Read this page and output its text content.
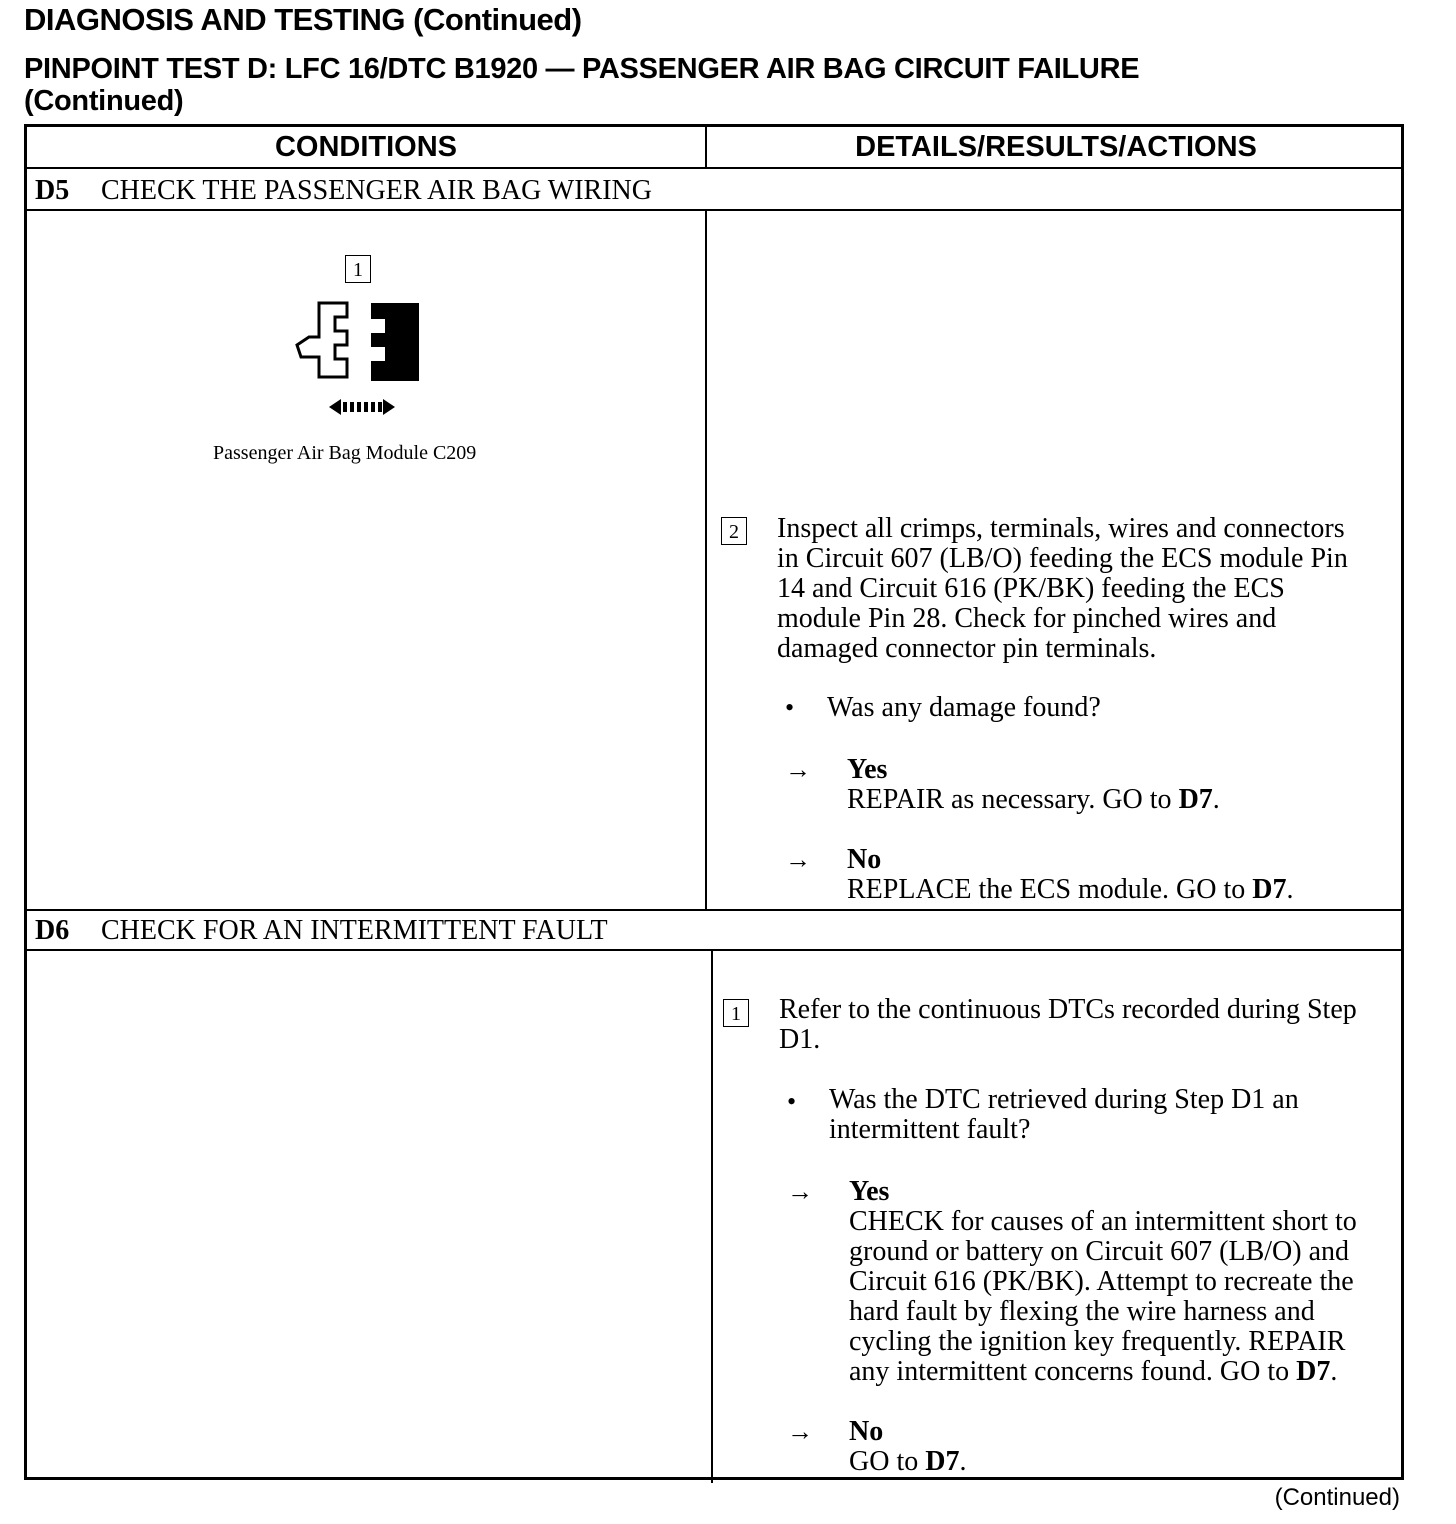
DIAGNOSIS AND TESTING (Continued)
PINPOINT TEST D: LFC 16/DTC B1920 — PASSENGER AIR BAG CIRCUIT FAILURE
(Continued)
CONDITIONS	DETAILS/RESULTS/ACTIONS
D5 CHECK THE PASSENGER AIR BAG WIRING
1
Passenger Air Bag Module C209
2 Inspect all crimps, terminals, wires and connectors
in Circuit 607 (LB/O) feeding the ECS module Pin
14 and Circuit 616 (PK/BK) feeding the ECS
module Pin 28. Check for pinched wires and
damaged connector pin terminals.
• Was any damage found?
→ Yes
REPAIR as necessary. GO to D7.
→ No
REPLACE the ECS module. GO to D7.
D6 CHECK FOR AN INTERMITTENT FAULT
1 Refer to the continuous DTCs recorded during Step
D1.
• Was the DTC retrieved during Step D1 an
intermittent fault?
→ Yes
CHECK for causes of an intermittent short to
ground or battery on Circuit 607 (LB/O) and
Circuit 616 (PK/BK). Attempt to recreate the
hard fault by flexing the wire harness and
cycling the ignition key frequently. REPAIR
any intermittent concerns found. GO to D7.
→ No
GO to D7.
(Continued)
